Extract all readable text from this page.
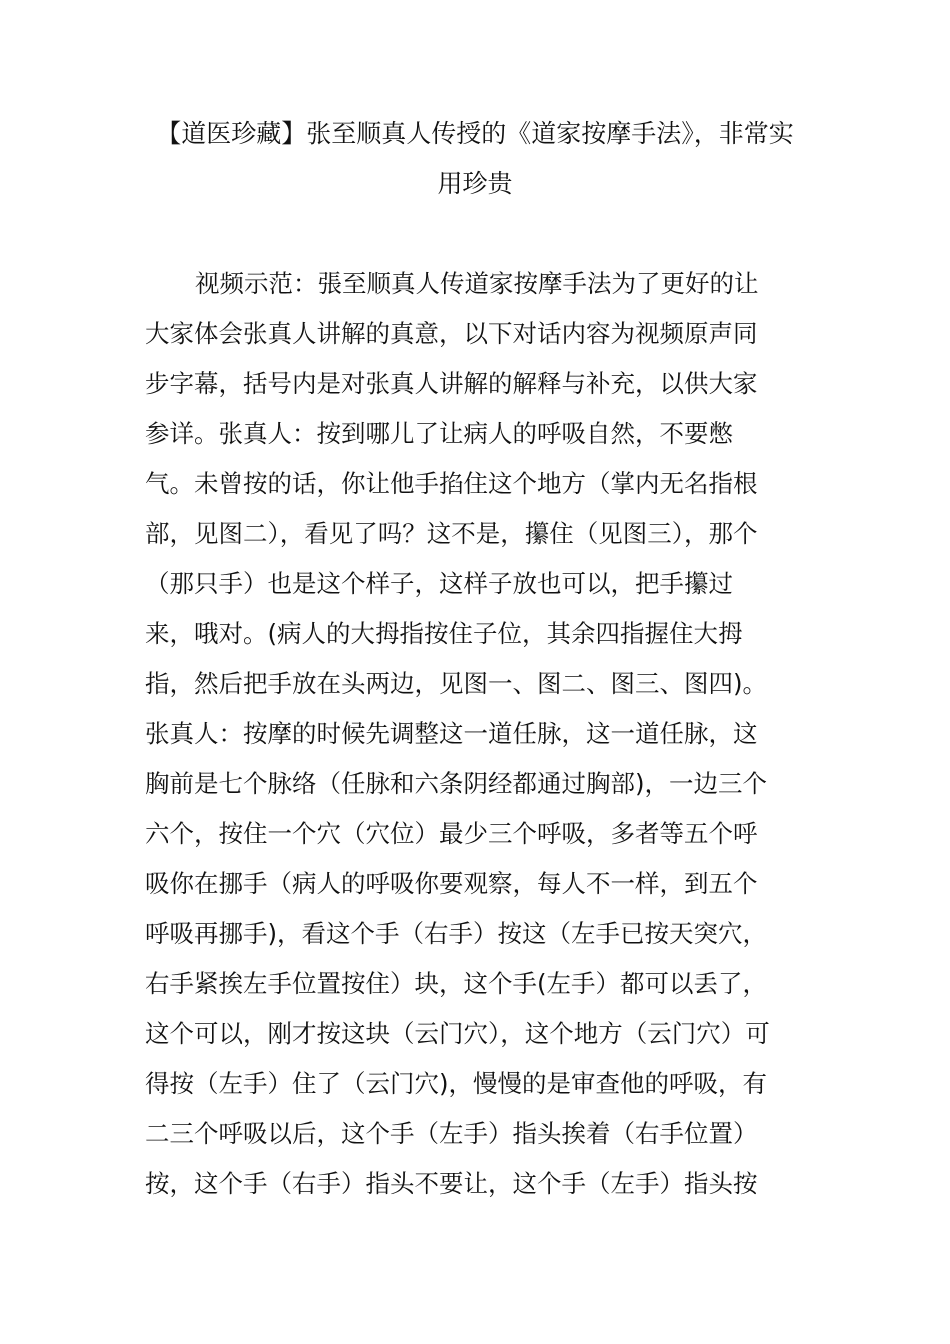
【道医珍藏】张至顺真人传授的《道家按摩手法》，非常实
用珍贵
视频示范：張至顺真人传道家按摩手法为了更好的让
大家体会张真人讲解的真意，以下对话内容为视频原声同
步字幕，括号内是对张真人讲解的解释与补充，以供大家
参详。张真人：按到哪儿了让病人的呼吸自然，不要憋
气。未曾按的话，你让他手掐住这个地方（掌内无名指根
部，见图二），看见了吗？这不是，攥住（见图三），那个
（那只手）也是这个样子，这样子放也可以，把手攥过
来，哦对。(病人的大拇指按住子位，其余四指握住大拇
指，然后把手放在头两边，见图一、图二、图三、图四)。
张真人：按摩的时候先调整这一道任脉，这一道任脉，这
胸前是七个脉络（任脉和六条阴经都通过胸部)，一边三个
六个，按住一个穴（穴位）最少三个呼吸，多者等五个呼
吸你在挪手（病人的呼吸你要观察，每人不一样，到五个
呼吸再挪手)，看这个手（右手）按这（左手已按天突穴，
右手紧挨左手位置按住）块，这个手(左手）都可以丢了，
这个可以，刚才按这块（云门穴），这个地方（云门穴）可
得按（左手）住了（云门穴)，慢慢的是审查他的呼吸，有
二三个呼吸以后，这个手（左手）指头挨着（右手位置）
按，这个手（右手）指头不要让，这个手（左手）指头按
